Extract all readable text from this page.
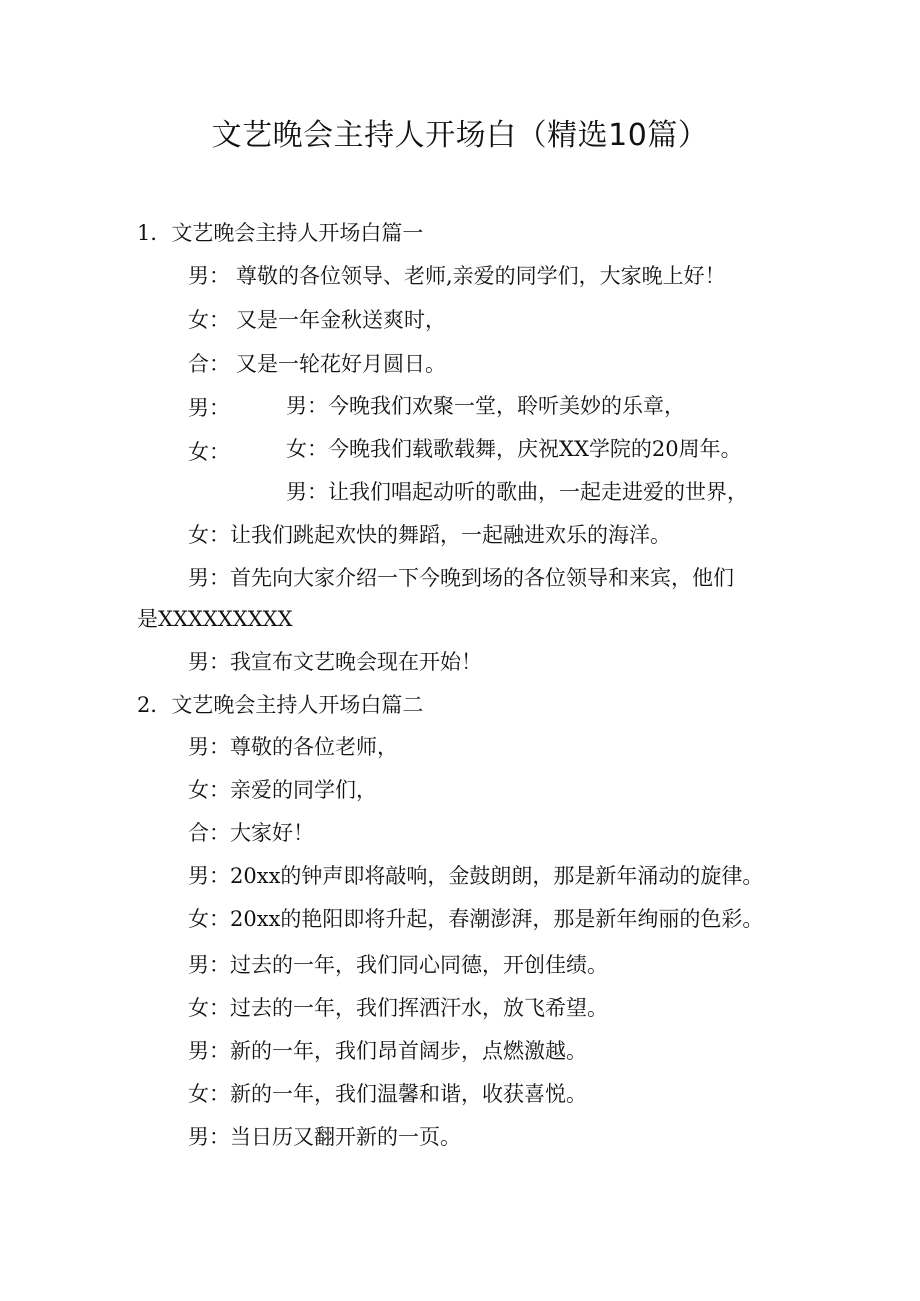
文艺晚会主持人开场白（精选10篇）
1．文艺晚会主持人开场白篇一
男： 尊敬的各位领导、老师,亲爱的同学们，大家晚上好！
女： 又是一年金秋送爽时，
合： 又是一轮花好月圆日。
男：	男：今晚我们欢聚一堂，聆听美妙的乐章，
女：	女：今晚我们载歌载舞，庆祝XX学院的20周年。
男：让我们唱起动听的歌曲，一起走进爱的世界，
女：让我们跳起欢快的舞蹈，一起融进欢乐的海洋。
男：首先向大家介绍一下今晚到场的各位领导和来宾，他们
是XXXXXXXXX
男：我宣布文艺晚会现在开始！
2．文艺晚会主持人开场白篇二
男：尊敬的各位老师，
女：亲爱的同学们，
合：大家好！
男：20xx的钟声即将敲响，金鼓朗朗，那是新年涌动的旋律。
女：20xx的艳阳即将升起，春潮澎湃，那是新年绚丽的色彩。
男：过去的一年，我们同心同德，开创佳绩。
女：过去的一年，我们挥洒汗水，放飞希望。
男：新的一年，我们昂首阔步，点燃激越。
女：新的一年，我们温馨和谐，收获喜悦。
男：当日历又翻开新的一页。
